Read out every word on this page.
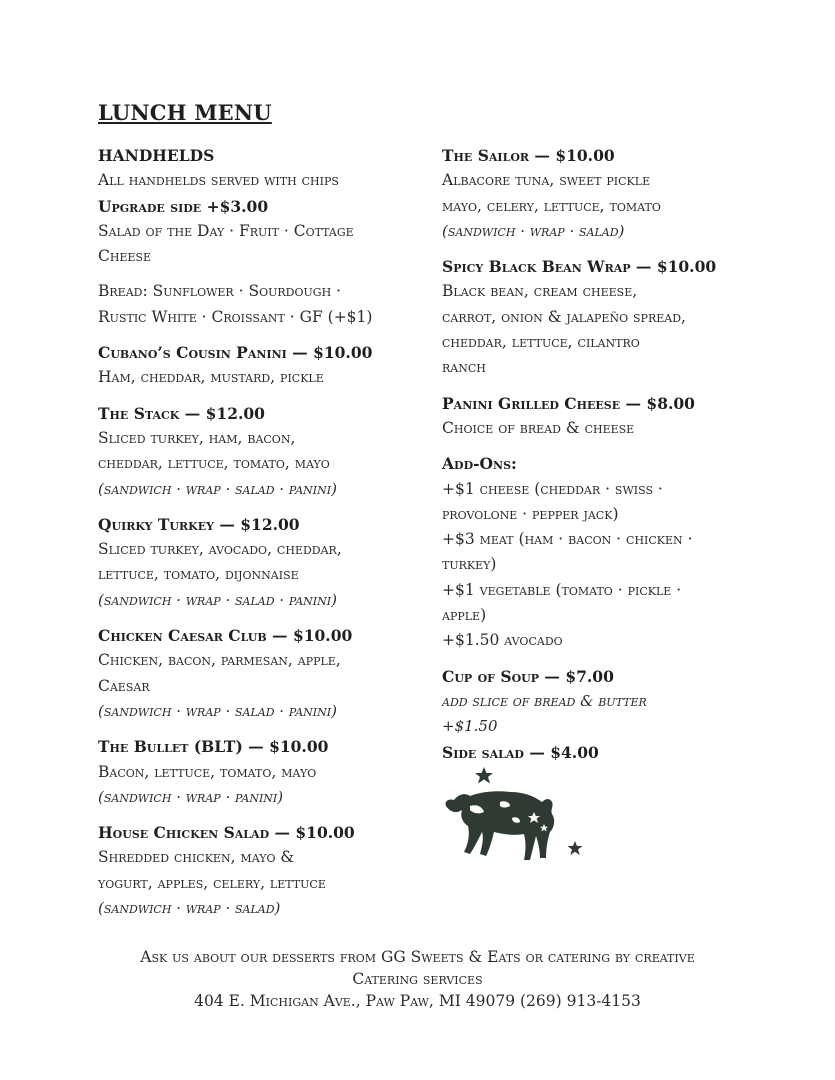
LUNCH MENU
HANDHELDS
All handhelds served with chips
Upgrade side +$3.00
Salad of the Day · Fruit · Cottage
Cheese
Bread: Sunflower · Sourdough ·
Rustic White · Croissant · GF (+$1)
Cubano’s Cousin Panini — $10.00
Ham, cheddar, mustard, pickle
The Stack — $12.00
Sliced turkey, ham, bacon,
cheddar, lettuce, tomato, mayo
(sandwich · wrap · salad · panini)
Quirky Turkey — $12.00
Sliced turkey, avocado, cheddar,
lettuce, tomato, dijonnaise
(sandwich · wrap · salad · panini)
Chicken Caesar Club — $10.00
Chicken, bacon, parmesan, apple,
Caesar
(sandwich · wrap · salad · panini)
The Bullet (BLT) — $10.00
Bacon, lettuce, tomato, mayo
(sandwich · wrap · panini)
House Chicken Salad — $10.00
Shredded chicken, mayo &
yogurt, apples, celery, lettuce
(sandwich · wrap · salad)
The Sailor — $10.00
Albacore tuna, sweet pickle
mayo, celery, lettuce, tomato
(sandwich · wrap · salad)
Spicy Black Bean Wrap — $10.00
Black bean, cream cheese,
carrot, onion & jalapeño spread,
cheddar, lettuce, cilantro
ranch
Panini Grilled Cheese — $8.00
Choice of bread & cheese
Add-Ons:
+$1 cheese (cheddar · swiss ·
provolone · pepper jack)
+$3 meat (ham · bacon · chicken ·
turkey)
+$1 vegetable (tomato · pickle ·
apple)
+$1.50 avocado
Cup of Soup — $7.00
add slice of bread & butter
+$1.50
Side salad — $4.00
Ask us about our desserts from GG Sweets & Eats or catering by creative
Catering services
404 E. Michigan Ave., Paw Paw, MI 49079 (269) 913-4153
